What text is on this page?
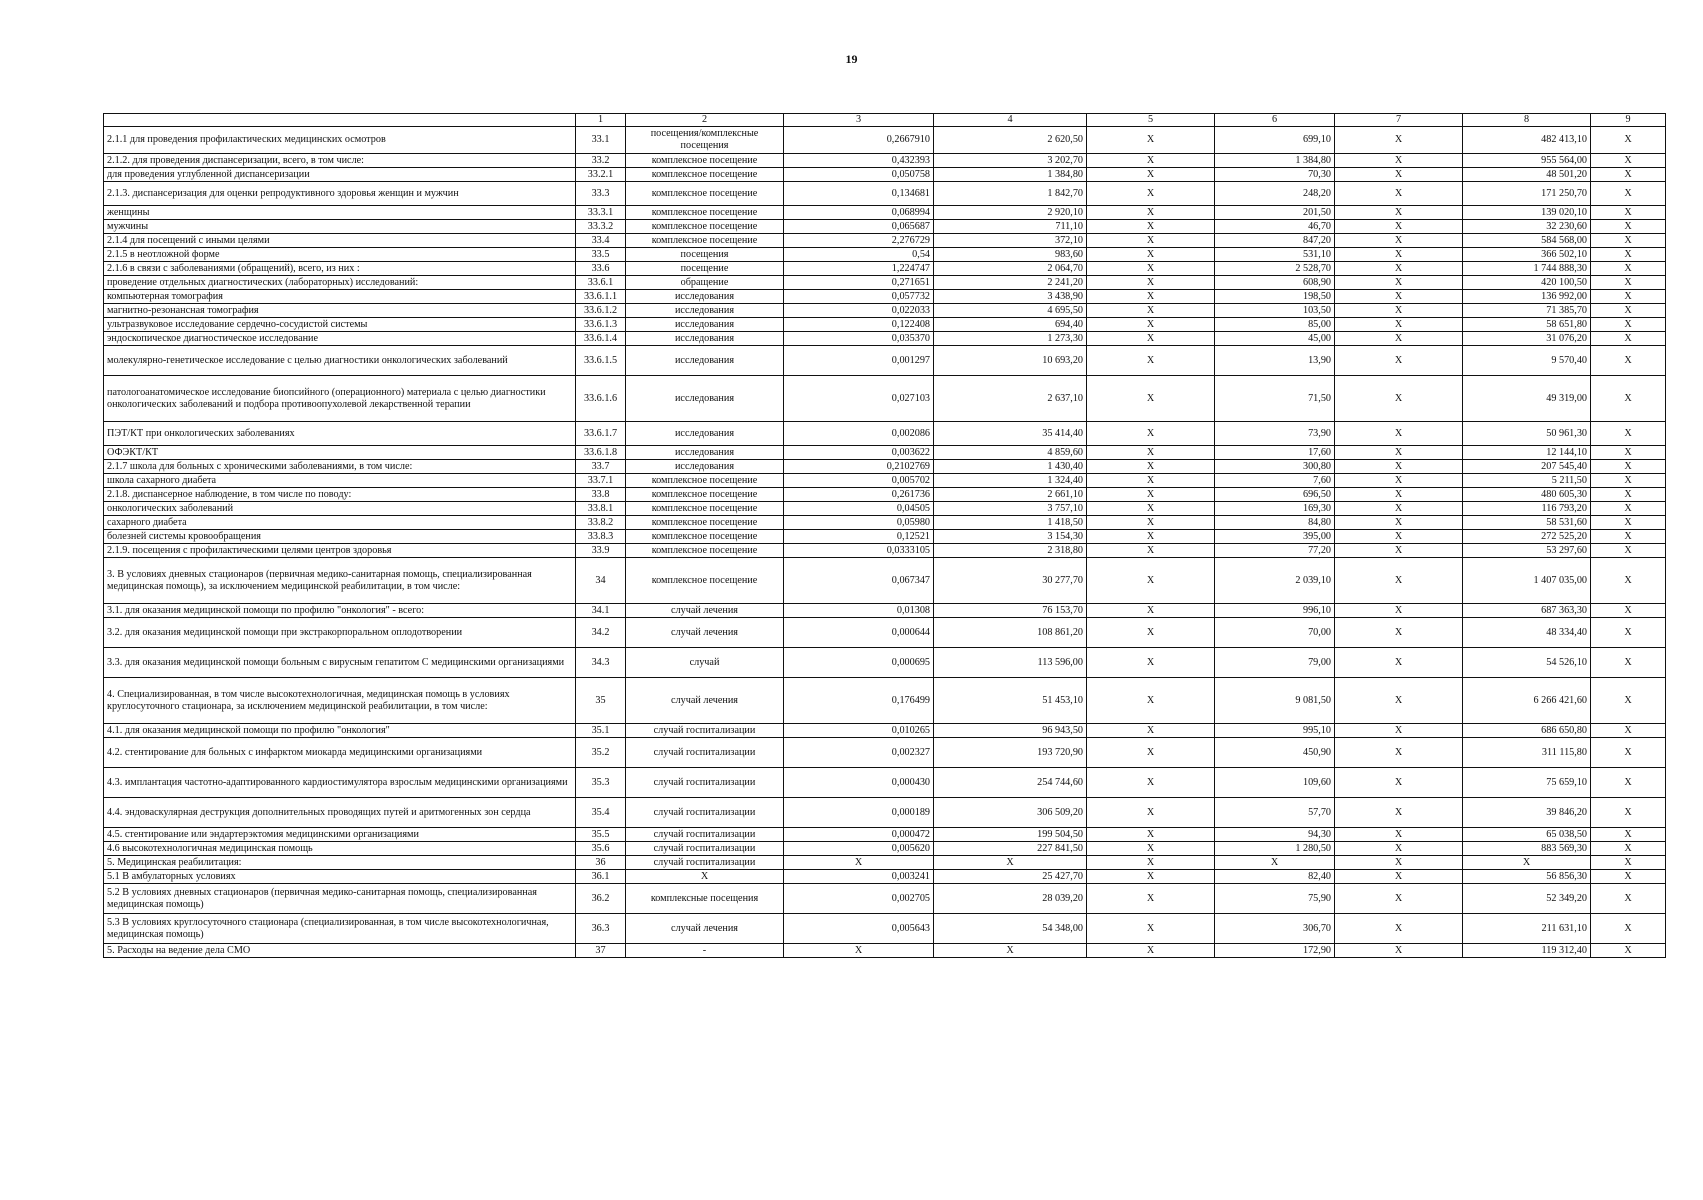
19
	1	2	3	4	5	6	7	8	9
2.1.1 для проведения профилактических медицинских осмотров	33.1	посещения/комплексные посещения	0,2667910	2 620,50	X	699,10	X	482 413,10	X
2.1.2. для проведения диспансеризации, всего, в том числе:	33.2	комплексное посещение	0,432393	3 202,70	X	1 384,80	X	955 564,00	X
для проведения углубленной диспансеризации	33.2.1	комплексное посещение	0,050758	1 384,80	X	70,30	X	48 501,20	X
2.1.3. диспансеризация для оценки репродуктивного здоровья женщин и мужчин	33.3	комплексное посещение	0,134681	1 842,70	X	248,20	X	171 250,70	X
женщины	33.3.1	комплексное посещение	0,068994	2 920,10	X	201,50	X	139 020,10	X
мужчины	33.3.2	комплексное посещение	0,065687	711,10	X	46,70	X	32 230,60	X
2.1.4 для посещений с иными целями	33.4	комплексное посещение	2,276729	372,10	X	847,20	X	584 568,00	X
2.1.5 в неотложной форме	33.5	посещения	0,54	983,60	X	531,10	X	366 502,10	X
2.1.6 в связи с заболеваниями (обращений), всего, из них :	33.6	посещение	1,224747	2 064,70	X	2 528,70	X	1 744 888,30	X
проведение отдельных диагностических (лабораторных) исследований:	33.6.1	обращение	0,271651	2 241,20	X	608,90	X	420 100,50	X
компьютерная томография	33.6.1.1	исследования	0,057732	3 438,90	X	198,50	X	136 992,00	X
магнитно-резонансная томография	33.6.1.2	исследования	0,022033	4 695,50	X	103,50	X	71 385,70	X
ультразвуковое исследование сердечно-сосудистой системы	33.6.1.3	исследования	0,122408	694,40	X	85,00	X	58 651,80	X
эндоскопическое диагностическое исследование	33.6.1.4	исследования	0,035370	1 273,30	X	45,00	X	31 076,20	X
молекулярно-генетическое исследование с целью диагностики онкологических заболеваний	33.6.1.5	исследования	0,001297	10 693,20	X	13,90	X	9 570,40	X
патологоанатомическое исследование биопсийного (операционного) материала с целью диагностики онкологических заболеваний и подбора противоопухолевой лекарственной терапии	33.6.1.6	исследования	0,027103	2 637,10	X	71,50	X	49 319,00	X
ПЭТ/КТ при онкологических заболеваниях	33.6.1.7	исследования	0,002086	35 414,40	X	73,90	X	50 961,30	X
ОФЭКТ/КТ	33.6.1.8	исследования	0,003622	4 859,60	X	17,60	X	12 144,10	X
2.1.7 школа для больных с хроническими заболеваниями, в том числе:	33.7	исследования	0,2102769	1 430,40	X	300,80	X	207 545,40	X
школа сахарного диабета	33.7.1	комплексное посещение	0,005702	1 324,40	X	7,60	X	5 211,50	X
2.1.8. диспансерное наблюдение, в том числе по поводу:	33.8	комплексное посещение	0,261736	2 661,10	X	696,50	X	480 605,30	X
онкологических заболеваний	33.8.1	комплексное посещение	0,04505	3 757,10	X	169,30	X	116 793,20	X
сахарного диабета	33.8.2	комплексное посещение	0,05980	1 418,50	X	84,80	X	58 531,60	X
болезней системы кровообращения	33.8.3	комплексное посещение	0,12521	3 154,30	X	395,00	X	272 525,20	X
2.1.9. посещения с профилактическими целями центров здоровья	33.9	комплексное посещение	0,0333105	2 318,80	X	77,20	X	53 297,60	X
3. В условиях дневных стационаров (первичная медико-санитарная помощь, специализированная медицинская помощь), за исключением медицинской реабилитации, в том числе:	34	комплексное посещение	0,067347	30 277,70	X	2 039,10	X	1 407 035,00	X
3.1. для оказания медицинской помощи по профилю "онкология" - всего:	34.1	случай лечения	0,01308	76 153,70	X	996,10	X	687 363,30	X
3.2. для оказания медицинской помощи при экстракорпоральном оплодотворении	34.2	случай лечения	0,000644	108 861,20	X	70,00	X	48 334,40	X
3.3. для оказания медицинской помощи больным с вирусным гепатитом С медицинскими организациями	34.3	случай	0,000695	113 596,00	X	79,00	X	54 526,10	X
4. Специализированная, в том числе высокотехнологичная, медицинская помощь в условиях круглосуточного стационара, за исключением медицинской реабилитации, в том числе:	35	случай лечения	0,176499	51 453,10	X	9 081,50	X	6 266 421,60	X
4.1. для оказания медицинской помощи по профилю "онкология"	35.1	случай госпитализации	0,010265	96 943,50	X	995,10	X	686 650,80	X
4.2. стентирование для больных с инфарктом миокарда медицинскими организациями	35.2	случай госпитализации	0,002327	193 720,90	X	450,90	X	311 115,80	X
4.3. имплантация частотно-адаптированного кардиостимулятора взрослым медицинскими организациями	35.3	случай госпитализации	0,000430	254 744,60	X	109,60	X	75 659,10	X
4.4. эндоваскулярная деструкция дополнительных проводящих путей и аритмогенных зон сердца	35.4	случай госпитализации	0,000189	306 509,20	X	57,70	X	39 846,20	X
4.5. стентирование или эндартерэктомия медицинскими организациями	35.5	случай госпитализации	0,000472	199 504,50	X	94,30	X	65 038,50	X
4.6 высокотехнологичная медицинская помощь	35.6	случай госпитализации	0,005620	227 841,50	X	1 280,50	X	883 569,30	X
5. Медицинская реабилитация:	36	случай госпитализации	X	X	X	X	X	X	X
5.1 В амбулаторных условиях	36.1	X	0,003241	25 427,70	X	82,40	X	56 856,30	X
5.2 В условиях дневных стационаров (первичная медико-санитарная помощь, специализированная медицинская помощь)	36.2	комплексные посещения	0,002705	28 039,20	X	75,90	X	52 349,20	X
5.3 В условиях круглосуточного стационара (специализированная, в том числе высокотехнологичная, медицинская помощь)	36.3	случай лечения	0,005643	54 348,00	X	306,70	X	211 631,10	X
5. Расходы на ведение дела СМО	37	-	X	X	X	172,90	X	119 312,40	X
